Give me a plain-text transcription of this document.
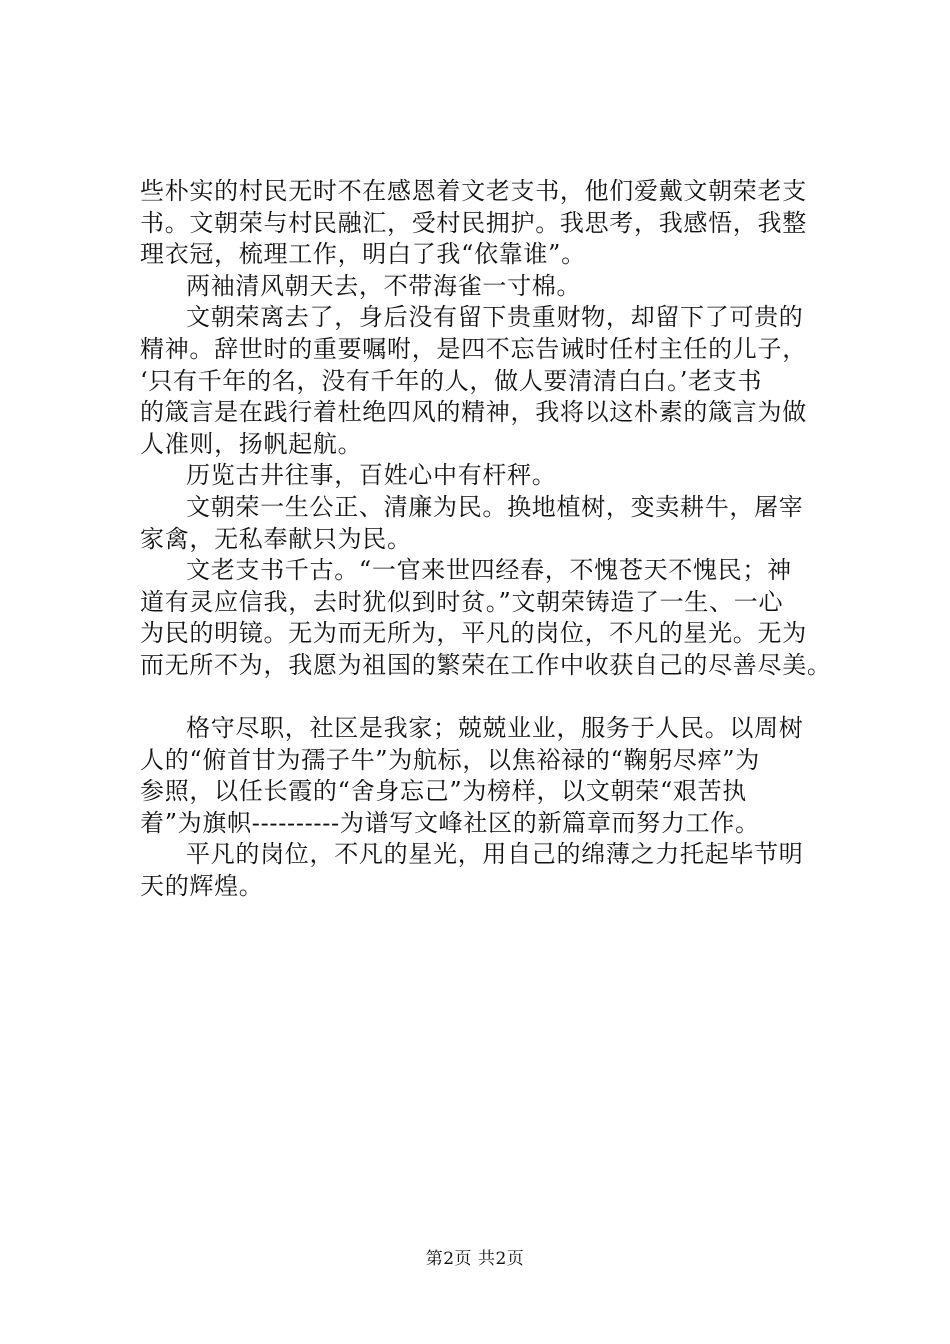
些朴实的村民无时不在感恩着文老支书，他们爱戴文朝荣老支
书。文朝荣与村民融汇，受村民拥护。我思考，我感悟，我整
理衣冠，梳理工作，明白了我“依靠谁”。
两袖清风朝天去，不带海雀一寸棉。
文朝荣离去了，身后没有留下贵重财物，却留下了可贵的
精神。辞世时的重要嘱咐，是四不忘告诫时任村主任的儿子，
‘只有千年的名，没有千年的人，做人要清清白白。’老支书
的箴言是在践行着杜绝四风的精神，我将以这朴素的箴言为做
人准则，扬帆起航。
历览古井往事，百姓心中有杆秤。
文朝荣一生公正、清廉为民。换地植树，变卖耕牛，屠宰
家禽，无私奉献只为民。
文老支书千古。“一官来世四经春，不愧苍天不愧民；神
道有灵应信我，去时犹似到时贫。”文朝荣铸造了一生、一心
为民的明镜。无为而无所为，平凡的岗位，不凡的星光。无为
而无所不为，我愿为祖国的繁荣在工作中收获自己的尽善尽美。
格守尽职，社区是我家；兢兢业业，服务于人民。以周树
人的“俯首甘为孺子牛”为航标，以焦裕禄的“鞠躬尽瘁”为
参照，以任长霞的“舍身忘己”为榜样，以文朝荣“艰苦执
着”为旗帜----------为谱写文峰社区的新篇章而努力工作。
平凡的岗位，不凡的星光，用自己的绵薄之力托起毕节明
天的辉煌。
第2页 共2页
